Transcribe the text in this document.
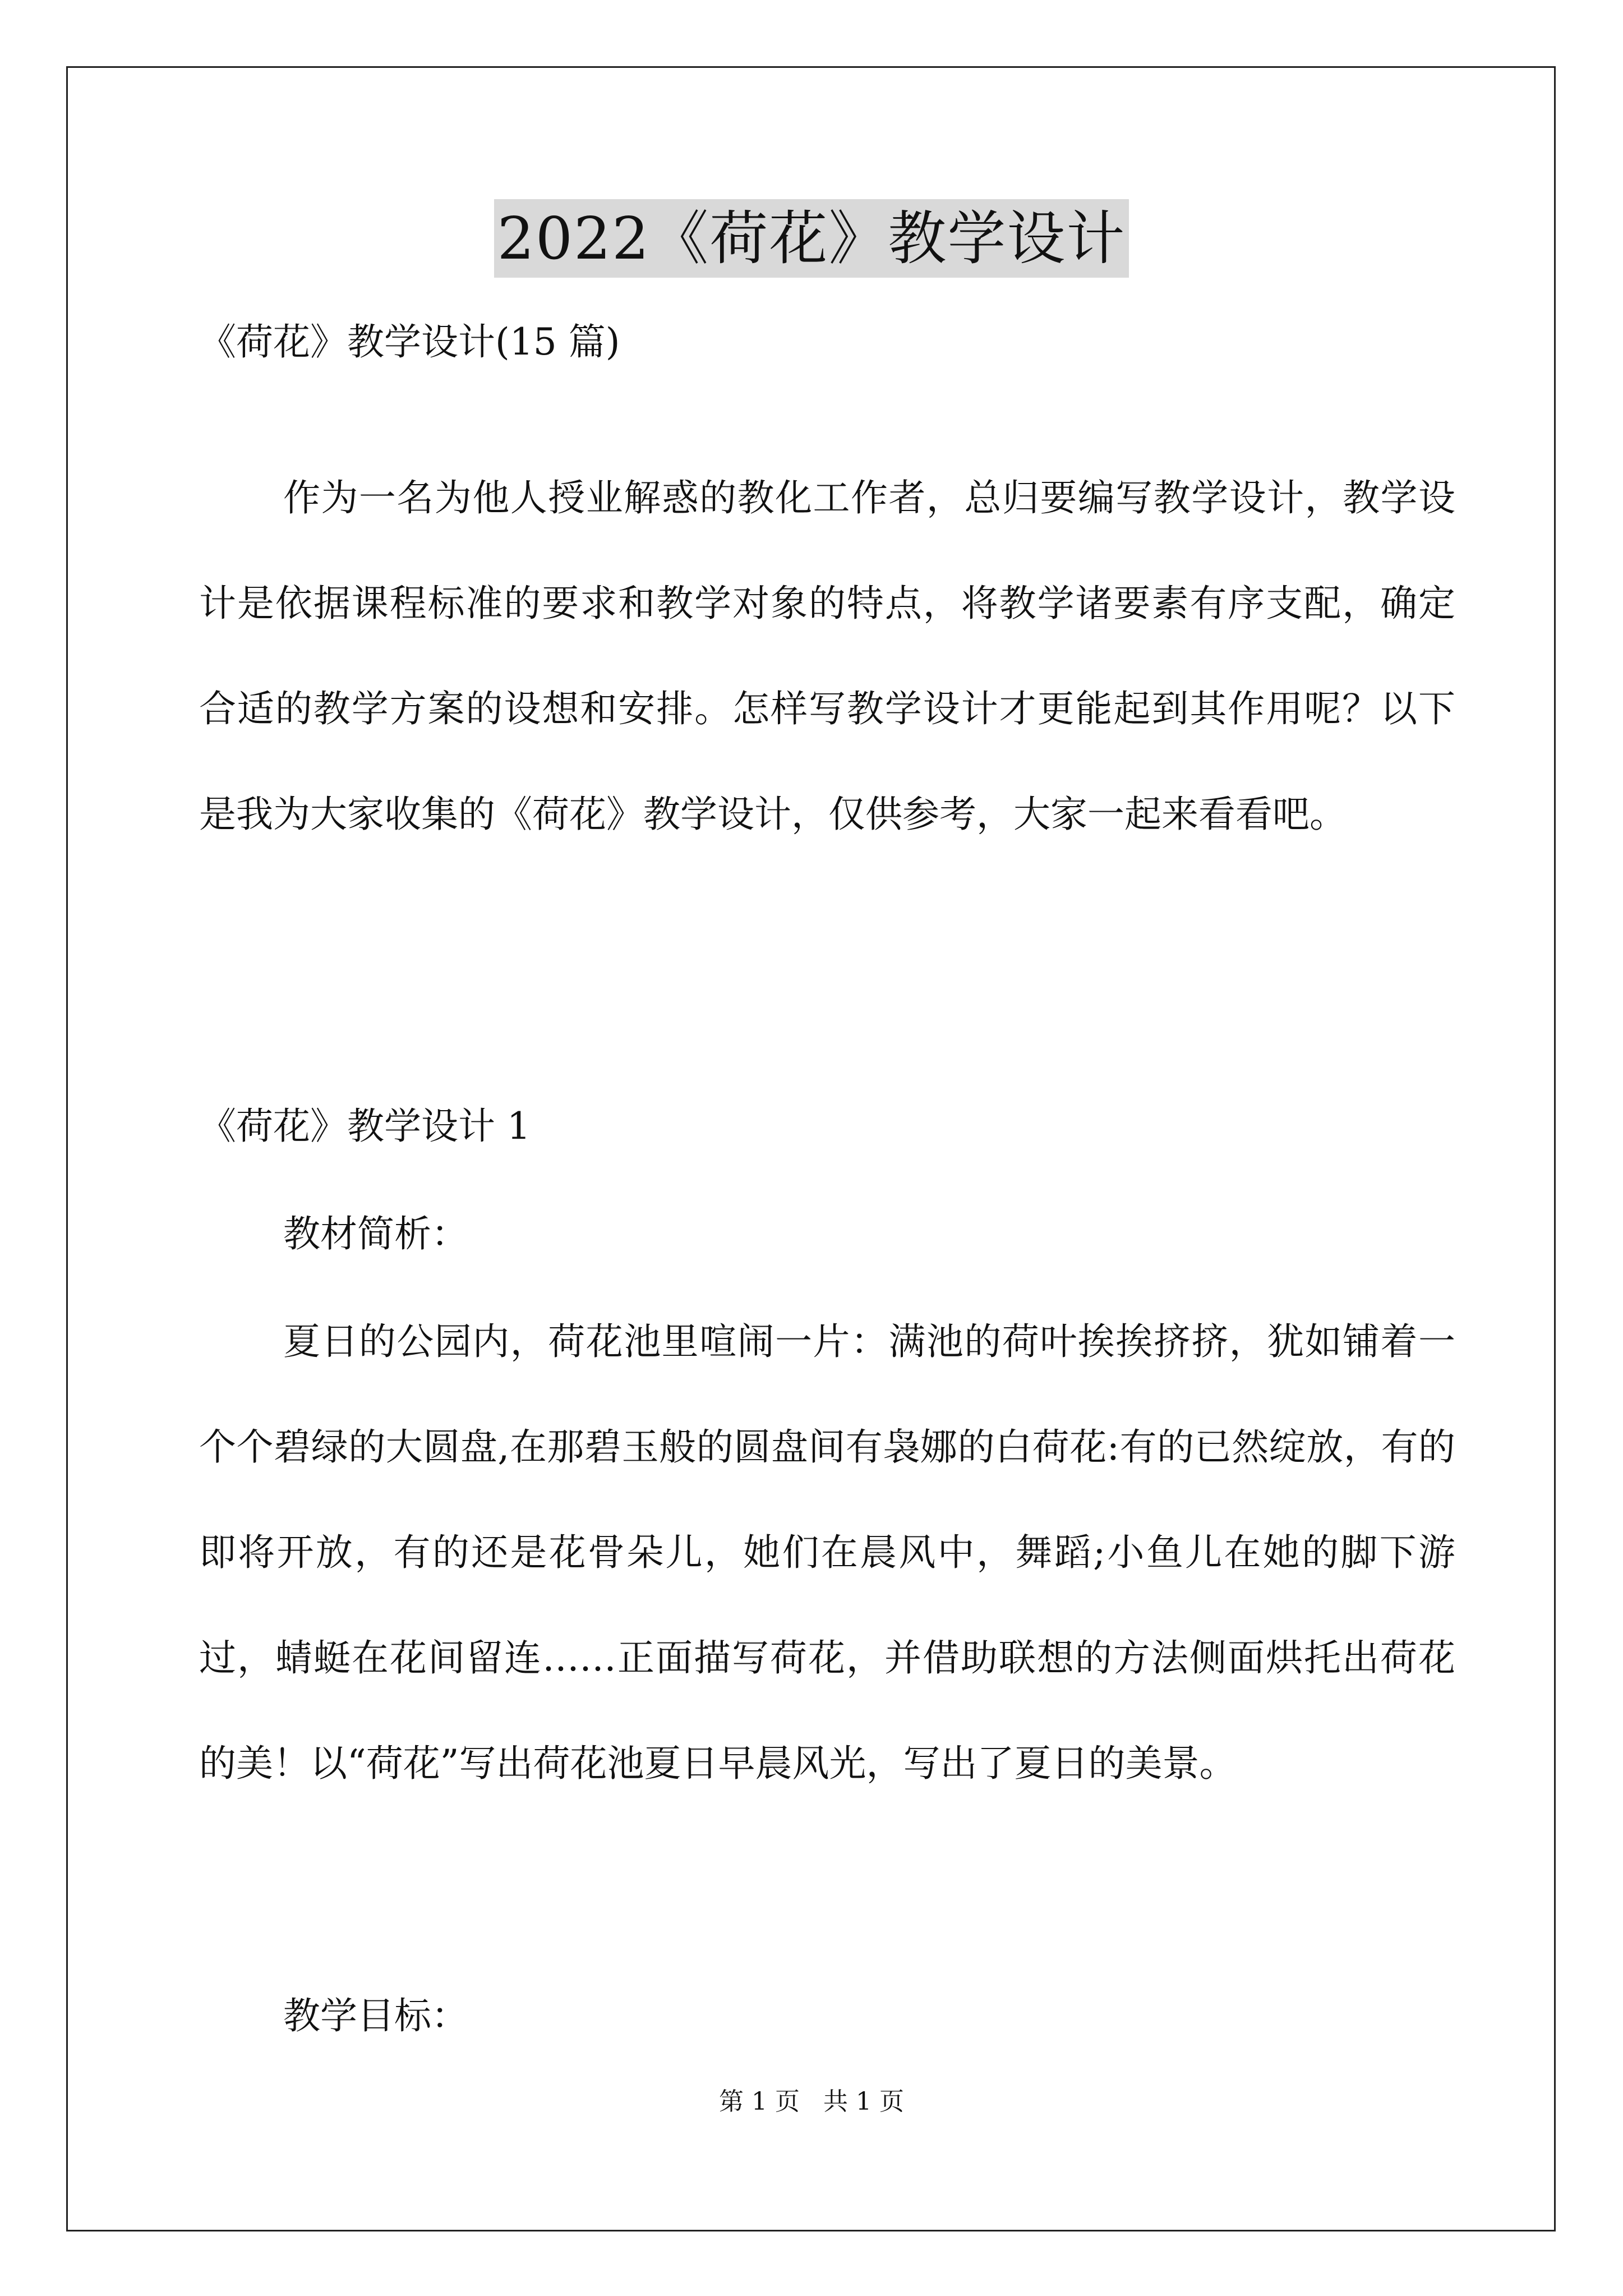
2022《荷花》教学设计
《荷花》教学设计(15 篇)

作为一名为他人授业解惑的教化工作者，总归要编写教学设计，教学设计是依据课程标准的要求和教学对象的特点，将教学诸要素有序支配，确定合适的教学方案的设想和安排。怎样写教学设计才更能起到其作用呢？以下是我为大家收集的《荷花》教学设计，仅供参考，大家一起来看看吧。

《荷花》教学设计 1
教材简析：

夏日的公园内，荷花池里喧闹一片：满池的荷叶挨挨挤挤，犹如铺着一个个碧绿的大圆盘,在那碧玉般的圆盘间有袅娜的白荷花:有的已然绽放，有的即将开放，有的还是花骨朵儿，她们在晨风中，舞蹈;小鱼儿在她的脚下游过，蜻蜓在花间留连……正面描写荷花，并借助联想的方法侧面烘托出荷花的美！以“荷花”写出荷花池夏日早晨风光，写出了夏日的美景。

教学目标：
第 1 页 共 1 页
